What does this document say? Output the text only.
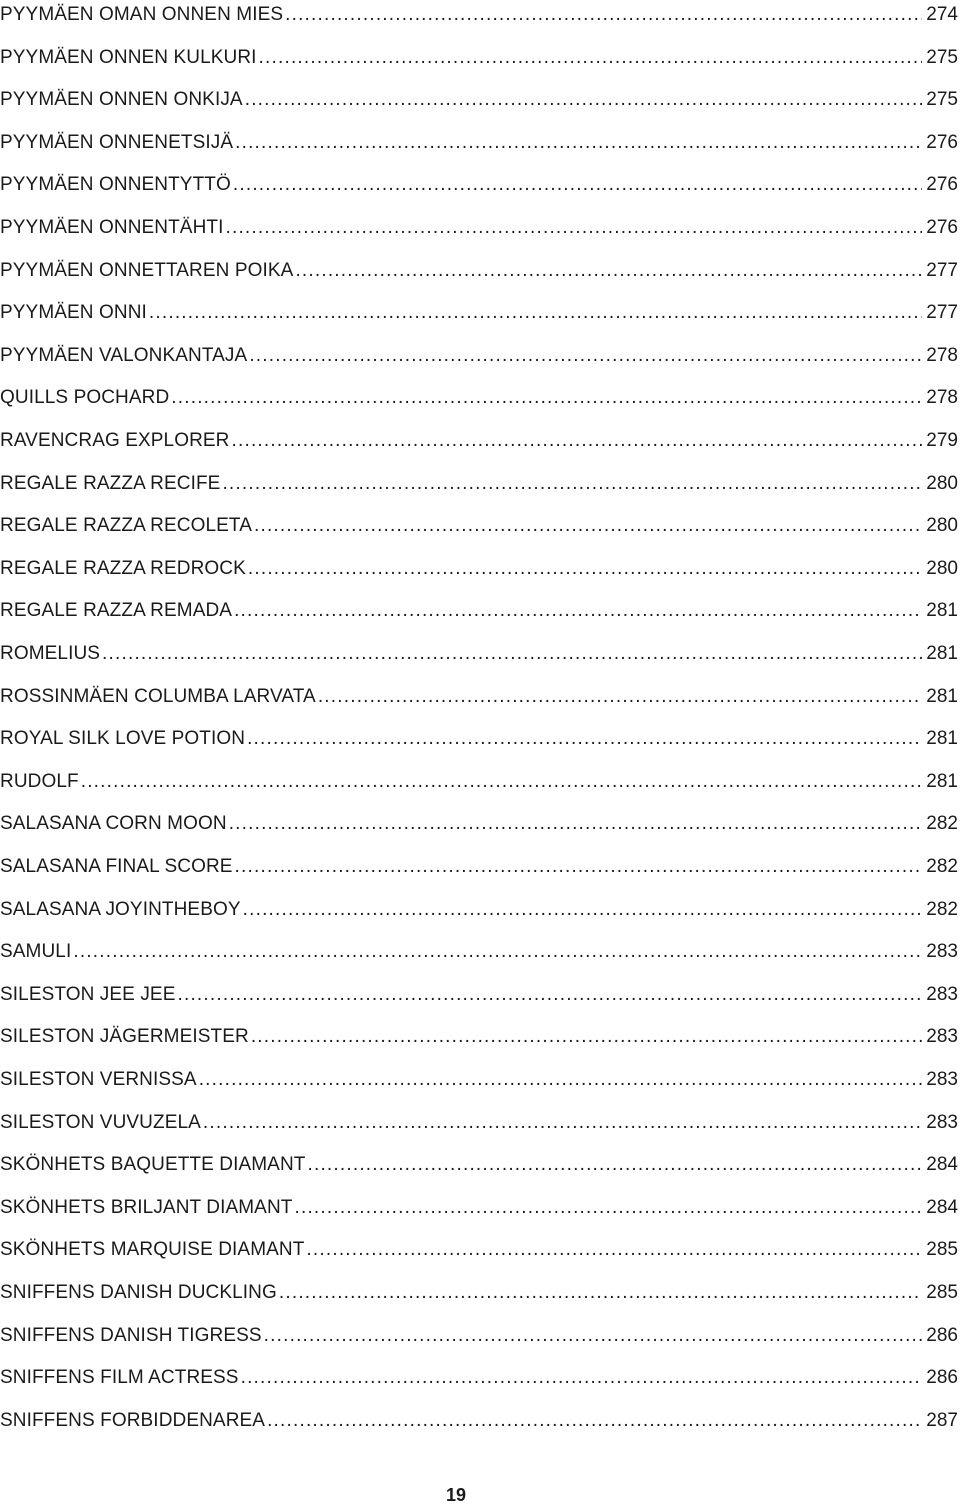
PYYMÄEN OMAN ONNEN MIES .....	274
PYYMÄEN ONNEN KULKURI .....	275
PYYMÄEN ONNEN ONKIJA .....	275
PYYMÄEN ONNENETSIJÄ .....	276
PYYMÄEN ONNENTYTTÖ .....	276
PYYMÄEN ONNENTÄHTI .....	276
PYYMÄEN ONNETTAREN POIKA .....	277
PYYMÄEN ONNI .....	277
PYYMÄEN VALONKANTAJA .....	278
QUILLS POCHARD .....	278
RAVENCRAG EXPLORER .....	279
REGALE RAZZA RECIFE .....	280
REGALE RAZZA RECOLETA .....	280
REGALE RAZZA REDROCK .....	280
REGALE RAZZA REMADA .....	281
ROMELIUS .....	281
ROSSINMÄEN COLUMBA LARVATA .....	281
ROYAL SILK LOVE POTION .....	281
RUDOLF .....	281
SALASANA CORN MOON .....	282
SALASANA FINAL SCORE .....	282
SALASANA JOYINTHEBOY .....	282
SAMULI .....	283
SILESTON JEE JEE .....	283
SILESTON JÄGERMEISTER .....	283
SILESTON VERNISSA .....	283
SILESTON VUVUZELA .....	283
SKÖNHETS BAQUETTE DIAMANT .....	284
SKÖNHETS BRILJANT DIAMANT .....	284
SKÖNHETS MARQUISE DIAMANT .....	285
SNIFFENS DANISH DUCKLING .....	285
SNIFFENS DANISH TIGRESS .....	286
SNIFFENS FILM ACTRESS .....	286
SNIFFENS FORBIDDENAREA .....	287
19
